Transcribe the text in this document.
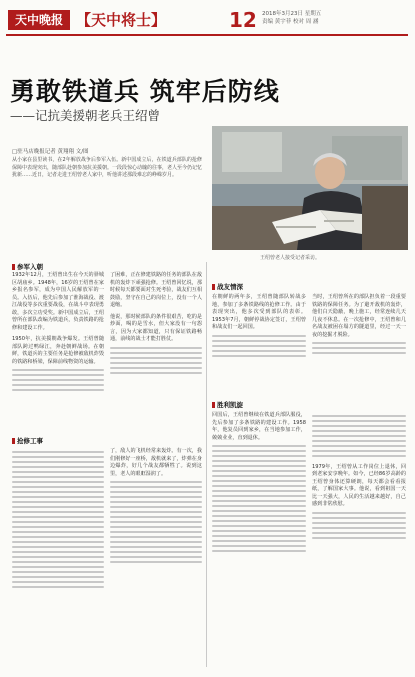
天中晚报 【天中将士】	12 2018年3月23日 星期五
责编 黄宇菲 校对 周 涵
勇敢铁道兵 筑牢后防线
——记抗美援朝老兵王绍曾
□驻马店晚报记者 黄翔翔 文/图
从小家在县里读书，在2年解放战争后参军入伍。新中国成立后，在铁道兵部队的抢修保障中表现突出，随部队赴朝参加抗美援朝。一段段惊心动魄的往事，老人至今仍记忆犹新……近日，记者走进王绍曾老人家中，听他讲述那段难忘的峥嵘岁月。
王绍曾老人接受记者采访。
参军入朝
1932年12月，王绍曾出生在今天的驿城区胡庙乡。1948年，16岁的王绍曾在家乡报名参军，成为中国人民解放军的一员。入伍后，他先后参加了淮海战役、渡江战役等多次重要战役，在战斗中表现勇敢，多次立功受奖。新中国成立后，王绍曾所在部队改编为铁道兵，负责铁路的抢修和建设工作。
1950年，抗美援朝战争爆发。王绍曾随部队跨过鸭绿江，奔赴朝鲜战场。在朝鲜，铁道兵的主要任务是抢修被敌机炸毁的铁路和桥梁，保障前线物资的运输。
了困难，正在修建铁路的任务的部队在敌机的轰炸下顽强抢修。王绍曾回忆说，那时候每天都要面对生死考验，战友们互相鼓励，坚守在自己的岗位上，没有一个人退缩。
他说，那时候部队的条件很艰苦，吃的是炒面，喝的是雪水，但大家没有一句怨言，因为大家都知道，只有保证铁路畅通，前线的战士才能打胜仗。
抢修工事
了，敌人的飞机经常来轰炸。有一次，我们刚修好一座桥，敌机就来了，炸弹在身边爆炸，好几个战友都牺牲了。说到这里，老人的眼眶湿润了。
战友情深
在朝鲜的两年多，王绍曾随部队转战多地，参加了多条铁路线的抢修工作。由于表现突出，他多次受到部队的表彰。1953年7月，朝鲜停战协定签订，王绍曾和战友们一起回国。
当时，王绍曾所在的部队担负着一段重要铁路的保障任务。为了避开敌机的轰炸，他们白天隐蔽，晚上施工，经常连续几天几夜不休息。在一次抢修中，王绍曾和几名战友被困在塌方的隧道里，经过一天一夜的挖掘才脱险。
胜利凯旋
回国后，王绍曾继续在铁道兵部队服役，先后参加了多条铁路的建设工作。1958年，他复员回到家乡，在当地参加工作，兢兢业业，直到退休。
1979年，王绍曾从工作岗位上退休，回到老家安享晚年。如今，已经86岁高龄的王绍曾身体还算硬朗，每天都会看看报纸，了解国家大事。他说，看到祖国一天比一天强大，人民的生活越来越好，自己感到非常欣慰。
